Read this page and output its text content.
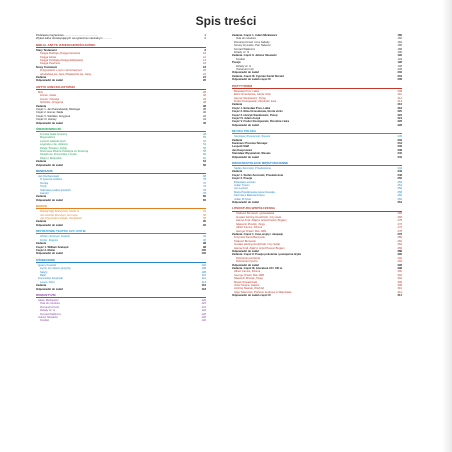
Spis treści
Podstawa programowa .............................................	4
Wykaz lektur obowiązujących na egzaminie maturalnym ............	6
BIBLIA. ANTYK JUDEOCHRZEŚCIJAŃSKI
Stary Testament	8
Księga Rodzaju (Księga Genesis)	10
Księga Hioba	12
Księga Koheleta (Księga Eklezjasty)	14
Księga Psalmów	16
Nowy Testament	18
Przypowieść o synu marnotrawnym	20
Apokalipsa św. Jana (Objawienie św. Jana)	22
Zadania	24
Odpowiedzi do zadań	26
ANTYK GRECKO-RZYMSKI
Mity	28
Homer, Iliada	32
Homer, Odyseja	34
Sofokles, Antygona	36
Zadania	38
Część 1. Jan Parandowski, Mitologia	38
Część 2. Homer, Iliada	40
Część 3. Sofokles, Antygona	42
Część IV. Horacy	44
Odpowiedzi do zadań	46
ŚREDNIOWIECZE
Kronika Galla Anonima	48
Bogurodzica	50
Lament świętokrzyski	52
Legenda o św. Aleksym	54
Dzieje Tristana i Izoldy	56
Rozmowa Mistrza Polikarpa ze Śmiercią	58
Kwiatki św. Franciszka z Asyżu	60
Pieśń o Rolandzie	62
Zadania	64
Odpowiedzi do zadań	66
RENESANS
Jan Kochanowski	68
O żywocie ludzkim	70
Na lipę	72
Treny	74
Odprawa posłów greckich	76
Hamlet	78
Zadania	80
Odpowiedzi do zadań	82
BAROK
Mikołaj Sęp Szarzyński, Sonet IV	84
Jan Andrzej Morsztyn, Do trupa	86
Jan Chryzostom Pasek, Pamiętniki	88
Zadania	90
Odpowiedzi do zadań	92
MISTRZOWIE TEATRU XVI I XVII W.
William Szekspir, Makbet	94
Molier, Skąpiec	96
Zadania	98
Część 1. William Szekspir	98
Część 2. Molier	100
Odpowiedzi do zadań	102
OŚWIECENIE
Ignacy Krasicki	104
Hymn do miłości ojczyzny	106
Satyry	108
Bajki	110
Franciszek Karpiński	112
Laura i Filon	114
Zadania	116
Odpowiedzi do zadań	118
ROMANTYZM
Adam Mickiewicz	120
Oda do młodości	122
Romantyczność	124
Dziady cz. III	126
Konrad Wallenrod	128
Juliusz Słowacki	130
Kordian	132
Zadania. Część 1. Adam Mickiewicz	180
Oda do młodości	182
Romantyczność i inne ballady	184
Sonety krymskie. Pan Tadeusz	186
Konrad Wallenrod	188
Dziady cz. III	190
Zadania. Część II. Juliusz Słowacki	192
Kordian	194
Poezja	196
Dziady cz. III	198
Testament mój	200
Odpowiedzi do zadań	202
Zadania. Część III. Cyprian Kamil Norwid	204
Odpowiedzi do zadań część III	206
POZYTYWIZM
Bolesław Prus, Lalka	208
Eliza Orzeszkowa, Gloria victis	210
Henryk Sienkiewicz, Potop	212
Fiodor Dostojewski, Zbrodnia i kara	214
Zadania	216
Część 1. Bolesław Prus, Lalka	218
Część 2. Eliza Orzeszkowa, Gloria victis	220
Część 3. Henryk Sienkiewicz, Potop	222
Część IV. Adam Asnyk	224
Część V. Fiodor Dostojewski, Zbrodnia i kara	226
Odpowiedzi do zadań	228
MŁODA POLSKA
Stanisław Wyspiański, Wesele	230
Zadania	232
Kazimierz Przerwa-Tetmajer	234
Leopold Staff	236
Jan Kasprowicz	238
Stanisław Wyspiański, Wesele	240
Odpowiedzi do zadań	242
DWUDZIESTOLECIE MIĘDZYWOJENNE
Stefan Żeromski, Przedwiośnie	244
Zadania	246
Część 1. Stefan Żeromski, Przedwiośnie	248
Część 2. Poezja	250
Bolesław Leśmian	252
Julian Tuwim	254
Jan Lechoń	256
Maria Pawlikowska-Jasnorzewska	258
Kazimiera Iłłakowiczówna	260
Julian Przyboś	262
Odpowiedzi do zadań	264
LITERATURA WSPÓŁCZESNA
Tadeusz Borowski, opowiadania	266
Gustaw Herling-Grudziński, Inny świat	268
Hanna Krall, Zdążyć przed Panem Bogiem	270
Sławomir Mrożek, Tango	272
Albert Camus, Dżuma	274
George Orwell, Rok 1984	276
Zadania. Część 1. Czas wojny i okupacji	278
Krzysztof Kamil Baczyński	280
Tadeusz Borowski	282
Gustaw Herling-Grudziński, Inny Świat	284
Hanna Krall, Zdążyć przed Panem Bogiem	286
Odpowiedzi do zadań	288
Zadania. Część II. Poezja pokolenia i powojenna liryka	290
Pokolenie pokolenia	292
Pokolenie liryczne	294
Odpowiedzi do zadań	296
Zadania. Część III. Literatura XX i XXI w.	298
Albert Camus, Dżuma	300
George Orwell, Rok 1984	302
Sławomir Mrożek, Tango	304
Marek Nowakowski	306
Józef Szajna, Galerie	308
Andrzej Stasiuk, Wschód	310
Olga Tokarczuk, Profesor Andrews w Warszawie	312
Odpowiedzi do zadań część III	314
